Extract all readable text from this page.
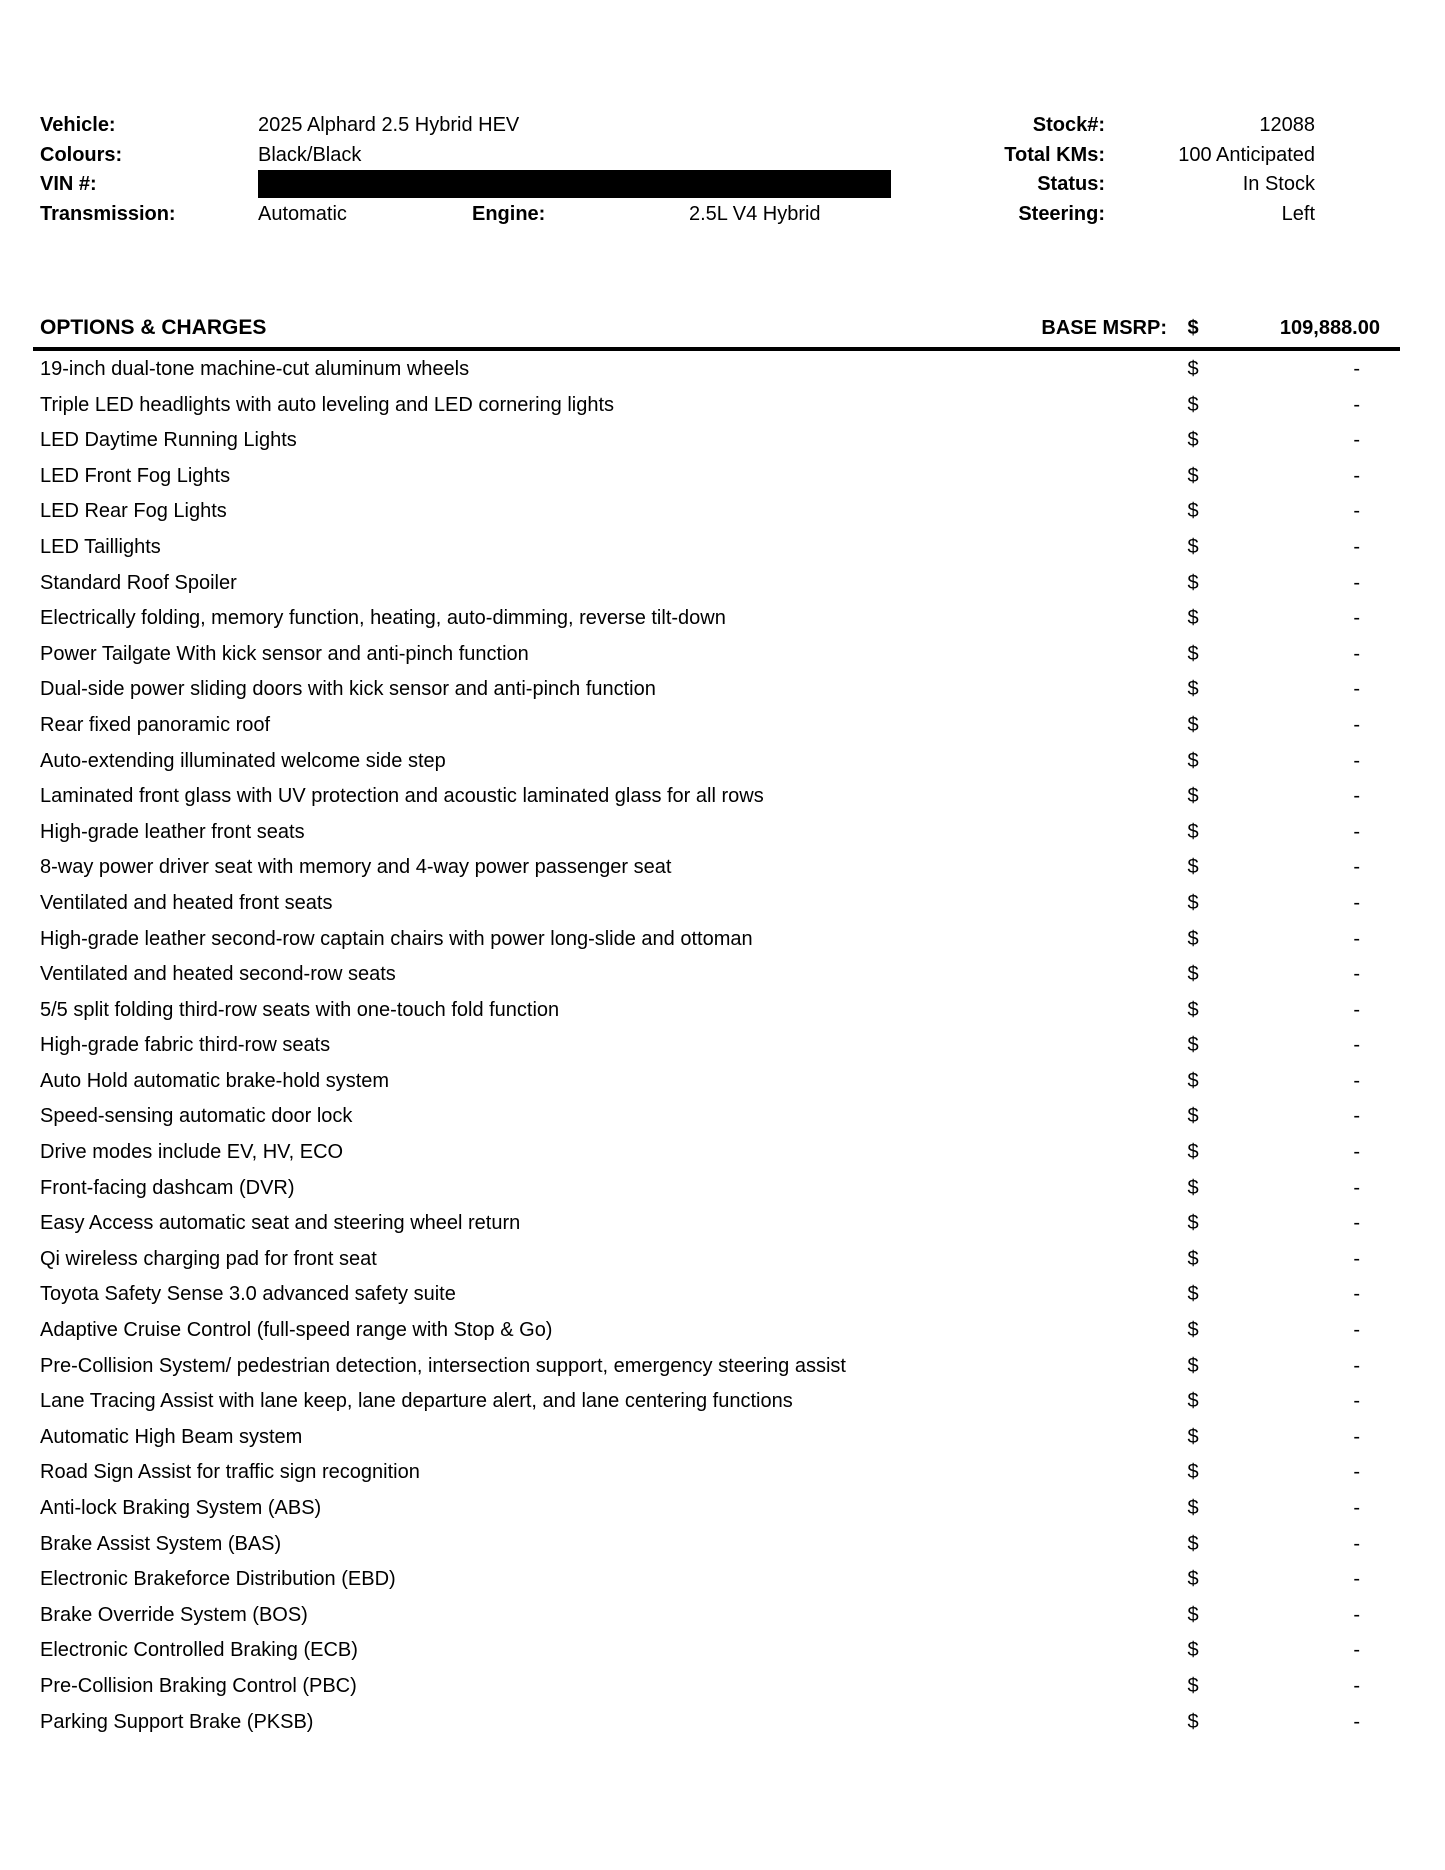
Vehicle:	2025 Alphard 2.5 Hybrid HEV	Stock#:	12088
Colours:	Black/Black	Total KMs:	100 Anticipated
VIN #:	Status:	In Stock
Transmission:	Automatic	Engine:	2.5L V4 Hybrid	Steering:	Left
OPTIONS & CHARGES	BASE MSRP:	$	109,888.00
19-inch dual-tone machine-cut aluminum wheels	$	-
Triple LED headlights with auto leveling and LED cornering lights	$	-
LED Daytime Running Lights	$	-
LED Front Fog Lights	$	-
LED Rear Fog Lights	$	-
LED Taillights	$	-
Standard Roof Spoiler	$	-
Electrically folding, memory function, heating, auto-dimming, reverse tilt-down	$	-
Power Tailgate With kick sensor and anti-pinch function	$	-
Dual-side power sliding doors with kick sensor and anti-pinch function	$	-
Rear fixed panoramic roof	$	-
Auto-extending illuminated welcome side step	$	-
Laminated front glass with UV protection and acoustic laminated glass for all rows	$	-
High-grade leather front seats	$	-
8-way power driver seat with memory and 4-way power passenger seat	$	-
Ventilated and heated front seats	$	-
High-grade leather second-row captain chairs with power long-slide and ottoman	$	-
Ventilated and heated second-row seats	$	-
5/5 split folding third-row seats with one-touch fold function	$	-
High-grade fabric third-row seats	$	-
Auto Hold automatic brake-hold system	$	-
Speed-sensing automatic door lock	$	-
Drive modes include EV, HV, ECO	$	-
Front-facing dashcam (DVR)	$	-
Easy Access automatic seat and steering wheel return	$	-
Qi wireless charging pad for front seat	$	-
Toyota Safety Sense 3.0 advanced safety suite	$	-
Adaptive Cruise Control (full-speed range with Stop & Go)	$	-
Pre-Collision System/ pedestrian detection, intersection support, emergency steering assist	$	-
Lane Tracing Assist with lane keep, lane departure alert, and lane centering functions	$	-
Automatic High Beam system	$	-
Road Sign Assist for traffic sign recognition	$	-
Anti-lock Braking System (ABS)	$	-
Brake Assist System (BAS)	$	-
Electronic Brakeforce Distribution (EBD)	$	-
Brake Override System (BOS)	$	-
Electronic Controlled Braking (ECB)	$	-
Pre-Collision Braking Control (PBC)	$	-
Parking Support Brake (PKSB)	$	-
